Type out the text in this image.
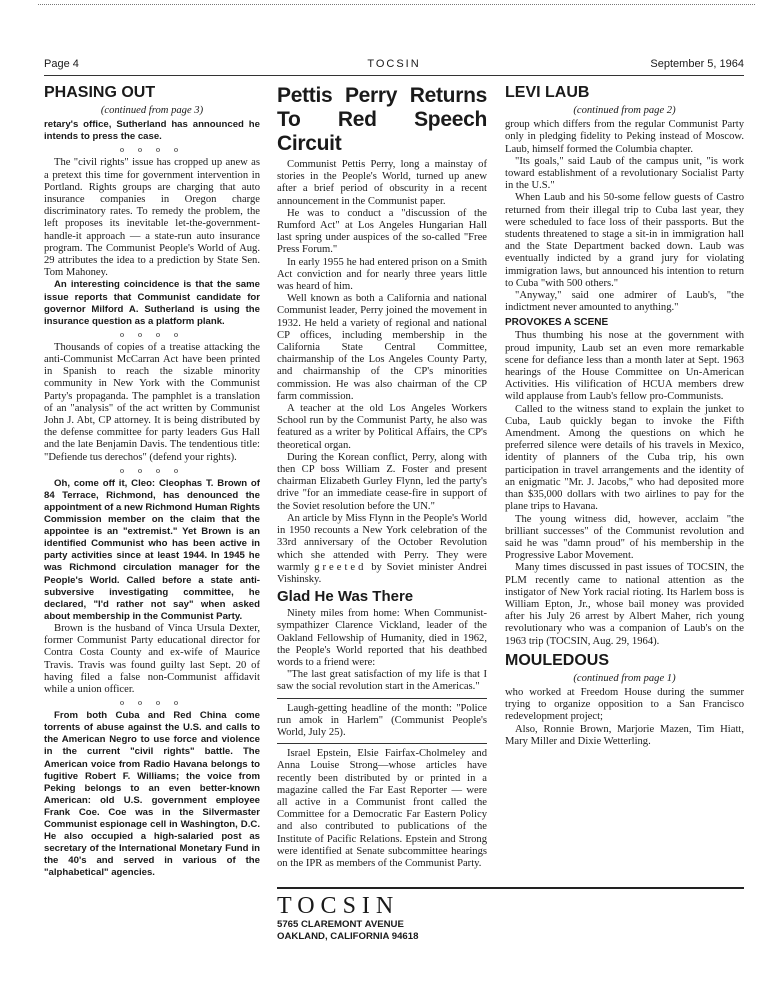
Page 4	TOCSIN	September 5, 1964
PHASING OUT

(continued from page 3)

retary's office, Sutherland has announced he intends to press the case.

o o o o

The "civil rights" issue has cropped up anew as a pretext this time for government intervention in Portland. Rights groups are charging that auto insurance companies in Oregon charge discriminatory rates. To remedy the problem, the left proposes its inevitable let-the-government-handle-it approach — a state-run auto insurance program. The Communist People's World of Aug. 29 attributes the idea to a prediction by State Sen. Tom Mahoney.

An interesting coincidence is that the same issue reports that Communist candidate for governor Milford A. Sutherland is using the insurance question as a platform plank.

o o o o

Thousands of copies of a treatise attacking the anti-Communist McCarran Act have been printed in Spanish to reach the sizable minority community in New York with the Communist Party's propaganda. The pamphlet is a translation of an "analysis" of the act written by Communist John J. Abt, CP attorney. It is being distributed by the defense committee for party leaders Gus Hall and the late Benjamin Davis. The tendentious title: "Defiende tus derechos" (defend your rights).

o o o o

Oh, come off it, Cleo: Cleophas T. Brown of 84 Terrace, Richmond, has denounced the appointment of a new Richmond Human Rights Commission member on the claim that the appointee is an "extremist." Yet Brown is an identified Communist who has been active in party activities since at least 1944. In 1945 he was Richmond circulation manager for the People's World. Called before a state anti-subversive investigating committee, he declared, "I'd rather not say" when asked about membership in the Communist Party.

Brown is the husband of Vinca Ursula Dexter, former Communist Party educational director for Contra Costa County and ex-wife of Maurice Travis. Travis was found guilty last Sept. 20 of having filed a false non-Communist affidavit while a union officer.

o o o o

From both Cuba and Red China come torrents of abuse against the U.S. and calls to the American Negro to use force and violence in the current "civil rights" battle. The American voice from Radio Havana belongs to fugitive Robert F. Williams; the voice from Peking belongs to an even better-known American: old U.S. government employee Frank Coe. Coe was in the Silvermaster Communist espionage cell in Washington, D.C. He also occupied a high-salaried post as secretary of the International Monetary Fund in the 40's and served in various of the "alphabetical" agencies.

Pettis Perry Returns To Red Speech Circuit

Communist Pettis Perry, long a mainstay of stories in the People's World, turned up anew after a brief period of obscurity in a recent announcement in the Communist paper.

He was to conduct a "discussion of the Rumford Act" at Los Angeles Hungarian Hall last spring under auspices of the so-called "Free Press Forum."

In early 1955 he had entered prison on a Smith Act conviction and for nearly three years little was heard of him.

Well known as both a California and national Communist leader, Perry joined the movement in 1932. He held a variety of regional and national CP offices, including membership in the California State Central Committee, chairmanship of the Los Angeles County Party, and chairmanship of the CP's minorities commission. He was also chairman of the CP farm commission.

A teacher at the old Los Angeles Workers School run by the Communist Party, he also was featured as a writer by Political Affairs, the CP's theoretical organ.

During the Korean conflict, Perry, along with then CP boss William Z. Foster and present chairman Elizabeth Gurley Flynn, led the party's drive "for an immediate cease-fire in support of the Soviet resolution before the UN."

An article by Miss Flynn in the People's World in 1950 recounts a New York celebration of the 33rd anniversary of the October Revolution which she attended with Perry. They were warmly greeted by Soviet minister Andrei Vishinsky.

Glad He Was There

Ninety miles from home: When Communist-sympathizer Clarence Vickland, leader of the Oakland Fellowship of Humanity, died in 1962, the People's World reported that his deathbed words to a friend were:

"The last great satisfaction of my life is that I saw the social revolution start in the Americas."

Laugh-getting headline of the month: "Police run amok in Harlem" (Communist People's World, July 25).

Israel Epstein, Elsie Fairfax-Cholmeley and Anna Louise Strong—whose articles have recently been distributed by or printed in a magazine called the Far East Reporter — were all active in a Communist front called the Committee for a Democratic Far Eastern Policy and also contributed to publications of the Institute of Pacific Relations. Epstein and Strong were identified at Senate subcommittee hearings on the IPR as members of the Communist Party.

LEVI LAUB

(continued from page 2)

group which differs from the regular Communist Party only in pledging fidelity to Peking instead of Moscow. Laub, himself formed the Columbia chapter.

"Its goals," said Laub of the campus unit, "is work toward establishment of a revolutionary Socialist Party in the U.S."

When Laub and his 50-some fellow guests of Castro returned from their illegal trip to Cuba last year, they were scheduled to face loss of their passports. But the students threatened to stage a sit-in in immigration hall and the State Department backed down. Laub was eventually indicted by a grand jury for violating immigration laws, but announced his intention to return to Cuba "with 500 others."

"Anyway," said one admirer of Laub's, "the indictment never amounted to anything."

PROVOKES A SCENE

Thus thumbing his nose at the government with proud impunity, Laub set an even more remarkable scene for defiance less than a month later at Sept. 1963 hearings of the House Committee on Un-American Activities. His vilification of HCUA members drew wild applause from Laub's fellow pro-Communists.

Called to the witness stand to explain the junket to Cuba, Laub quickly began to invoke the Fifth Amendment. Among the questions on which he preferred silence were details of his travels in Mexico, identity of planners of the Cuba trip, his own participation in travel arrangements and the identity of an enigmatic "Mr. J. Jacobs," who had deposited more than $35,000 dollars with two airlines to pay for the plane trips to Havana.

The young witness did, however, acclaim "the brilliant successes" of the Communist revolution and said he was "damn proud" of his membership in the Progressive Labor Movement.

Many times discussed in past issues of TOCSIN, the PLM recently came to national attention as the instigator of New York racial rioting. Its Harlem boss is William Epton, Jr., whose bail money was provided after his July 26 arrest by Albert Maher, rich young revolutionary who was a companion of Laub's on the 1963 trip (TOCSIN, Aug. 29, 1964).

MOULEDOUS

(continued from page 1)

who worked at Freedom House during the summer trying to organize opposition to a San Francisco redevelopment project;

Also, Ronnie Brown, Marjorie Mazen, Tim Hiatt, Mary Miller and Dixie Wetterling.

TOCSIN
5765 CLAREMONT AVENUE
OAKLAND, CALIFORNIA 94618
